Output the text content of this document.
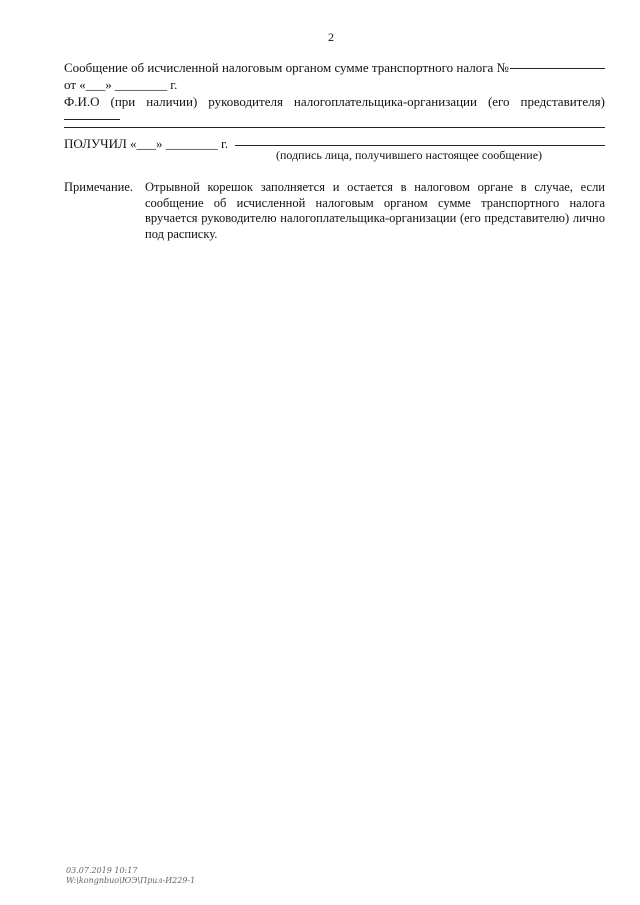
2
Сообщение об исчисленной налоговым органом сумме транспортного налога №
от «___» ________ г.
Ф.И.О (при наличии) руководителя налогоплательщика-организации (его представителя)
ПОЛУЧИЛ «___» ________ г.
(подпись лица, получившего настоящее сообщение)
Примечание. Отрывной корешок заполняется и остается в налоговом органе в случае, если сообщение об исчисленной налоговым органом сумме транспортного налога вручается руководителю налогоплательщика-организации (его представителю) лично под расписку.
03.07.2019 10:17
W:\kongnbuo\ЮЭ\Прил-И229-1
